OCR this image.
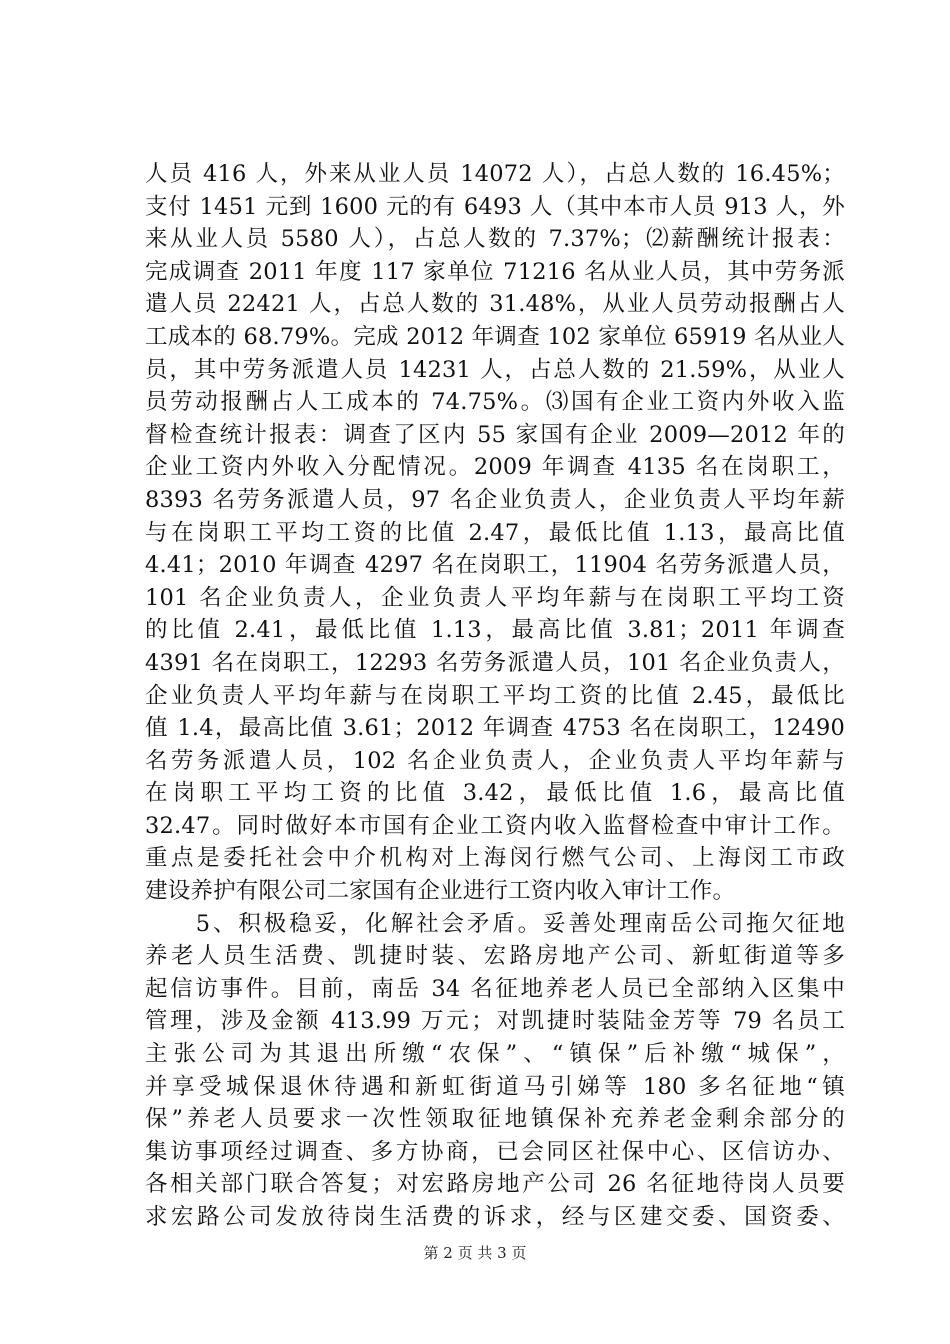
人员 416 人，外来从业人员 14072 人），占总人数的 16.45%；
支付 1451 元到 1600 元的有 6493 人（其中本市人员 913 人，外
来从业人员 5580 人），占总人数的 7.37%；⑵薪酬统计报表：
完成调查 2011 年度 117 家单位 71216 名从业人员，其中劳务派
遣人员 22421 人，占总人数的 31.48%，从业人员劳动报酬占人
工成本的 68.79%。完成 2012 年调查 102 家单位 65919 名从业人
员，其中劳务派遣人员 14231 人，占总人数的 21.59%，从业人
员劳动报酬占人工成本的 74.75%。⑶国有企业工资内外收入监
督检查统计报表：调查了区内 55 家国有企业 2009—2012 年的
企业工资内外收入分配情况。2009 年调查 4135 名在岗职工，
8393 名劳务派遣人员，97 名企业负责人，企业负责人平均年薪
与在岗职工平均工资的比值 2.47，最低比值 1.13，最高比值
4.41；2010 年调查 4297 名在岗职工，11904 名劳务派遣人员，
101 名企业负责人，企业负责人平均年薪与在岗职工平均工资
的比值 2.41，最低比值 1.13，最高比值 3.81；2011 年调查
4391 名在岗职工，12293 名劳务派遣人员，101 名企业负责人，
企业负责人平均年薪与在岗职工平均工资的比值 2.45，最低比
值 1.4，最高比值 3.61；2012 年调查 4753 名在岗职工，12490
名劳务派遣人员，102 名企业负责人，企业负责人平均年薪与
在岗职工平均工资的比值 3.42，最低比值 1.6，最高比值
32.47。同时做好本市国有企业工资内收入监督检查中审计工作。
重点是委托社会中介机构对上海闵行燃气公司、上海闵工市政
建设养护有限公司二家国有企业进行工资内收入审计工作。
　　5、积极稳妥，化解社会矛盾。妥善处理南岳公司拖欠征地
养老人员生活费、凯捷时装、宏路房地产公司、新虹街道等多
起信访事件。目前，南岳 34 名征地养老人员已全部纳入区集中
管理，涉及金额 413.99 万元；对凯捷时装陆金芳等 79 名员工
主张公司为其退出所缴“农保”、“镇保”后补缴“城保”，
并享受城保退休待遇和新虹街道马引娣等 180 多名征地“镇
保”养老人员要求一次性领取征地镇保补充养老金剩余部分的
集访事项经过调查、多方协商，已会同区社保中心、区信访办、
各相关部门联合答复；对宏路房地产公司 26 名征地待岗人员要
求宏路公司发放待岗生活费的诉求，经与区建交委、国资委、
第 2 页 共 3 页
